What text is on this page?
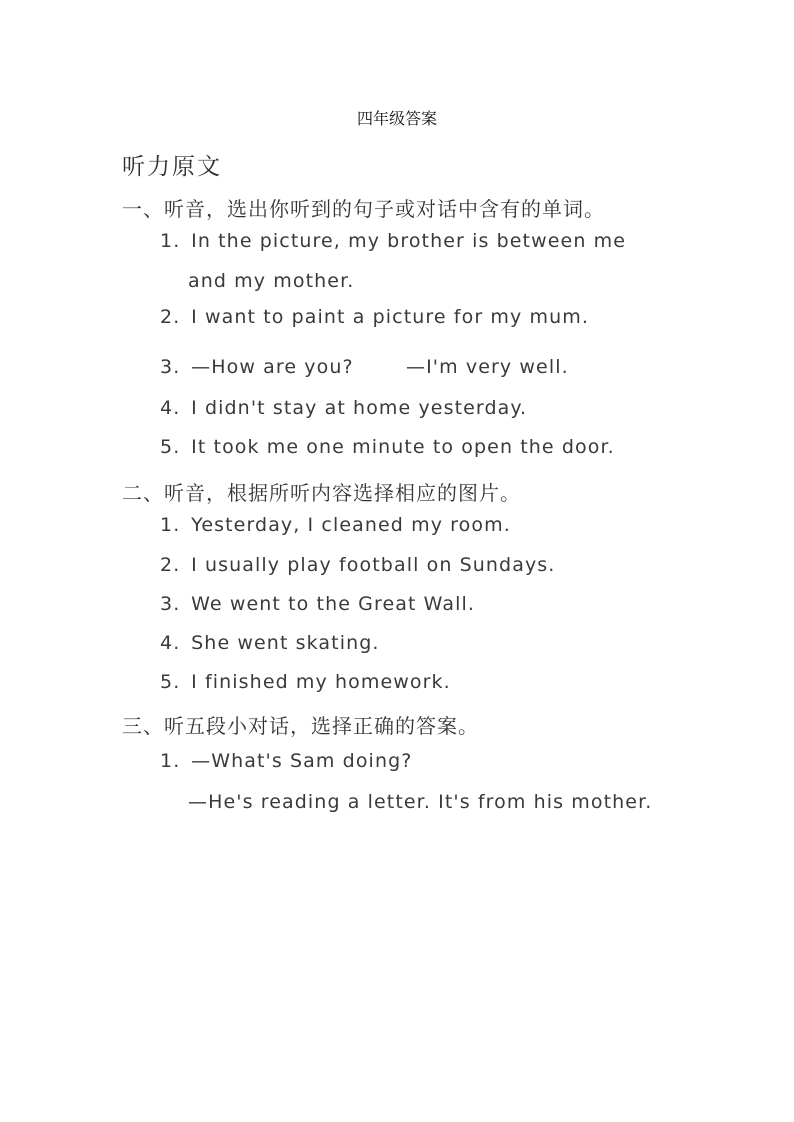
四年级答案
听力原文
一、听音，选出你听到的句子或对话中含有的单词。
1. In the picture, my brother is between me
and my mother.
2. I want to paint a picture for my mum.
3. —How are you?	—I'm very well.
4. I didn't stay at home yesterday.
5. It took me one minute to open the door.
二、听音，根据所听内容选择相应的图片。
1. Yesterday, I cleaned my room.
2. I usually play football on Sundays.
3. We went to the Great Wall.
4. She went skating.
5. I finished my homework.
三、听五段小对话，选择正确的答案。
1. —What's Sam doing?
—He's reading a letter. It's from his mother.
